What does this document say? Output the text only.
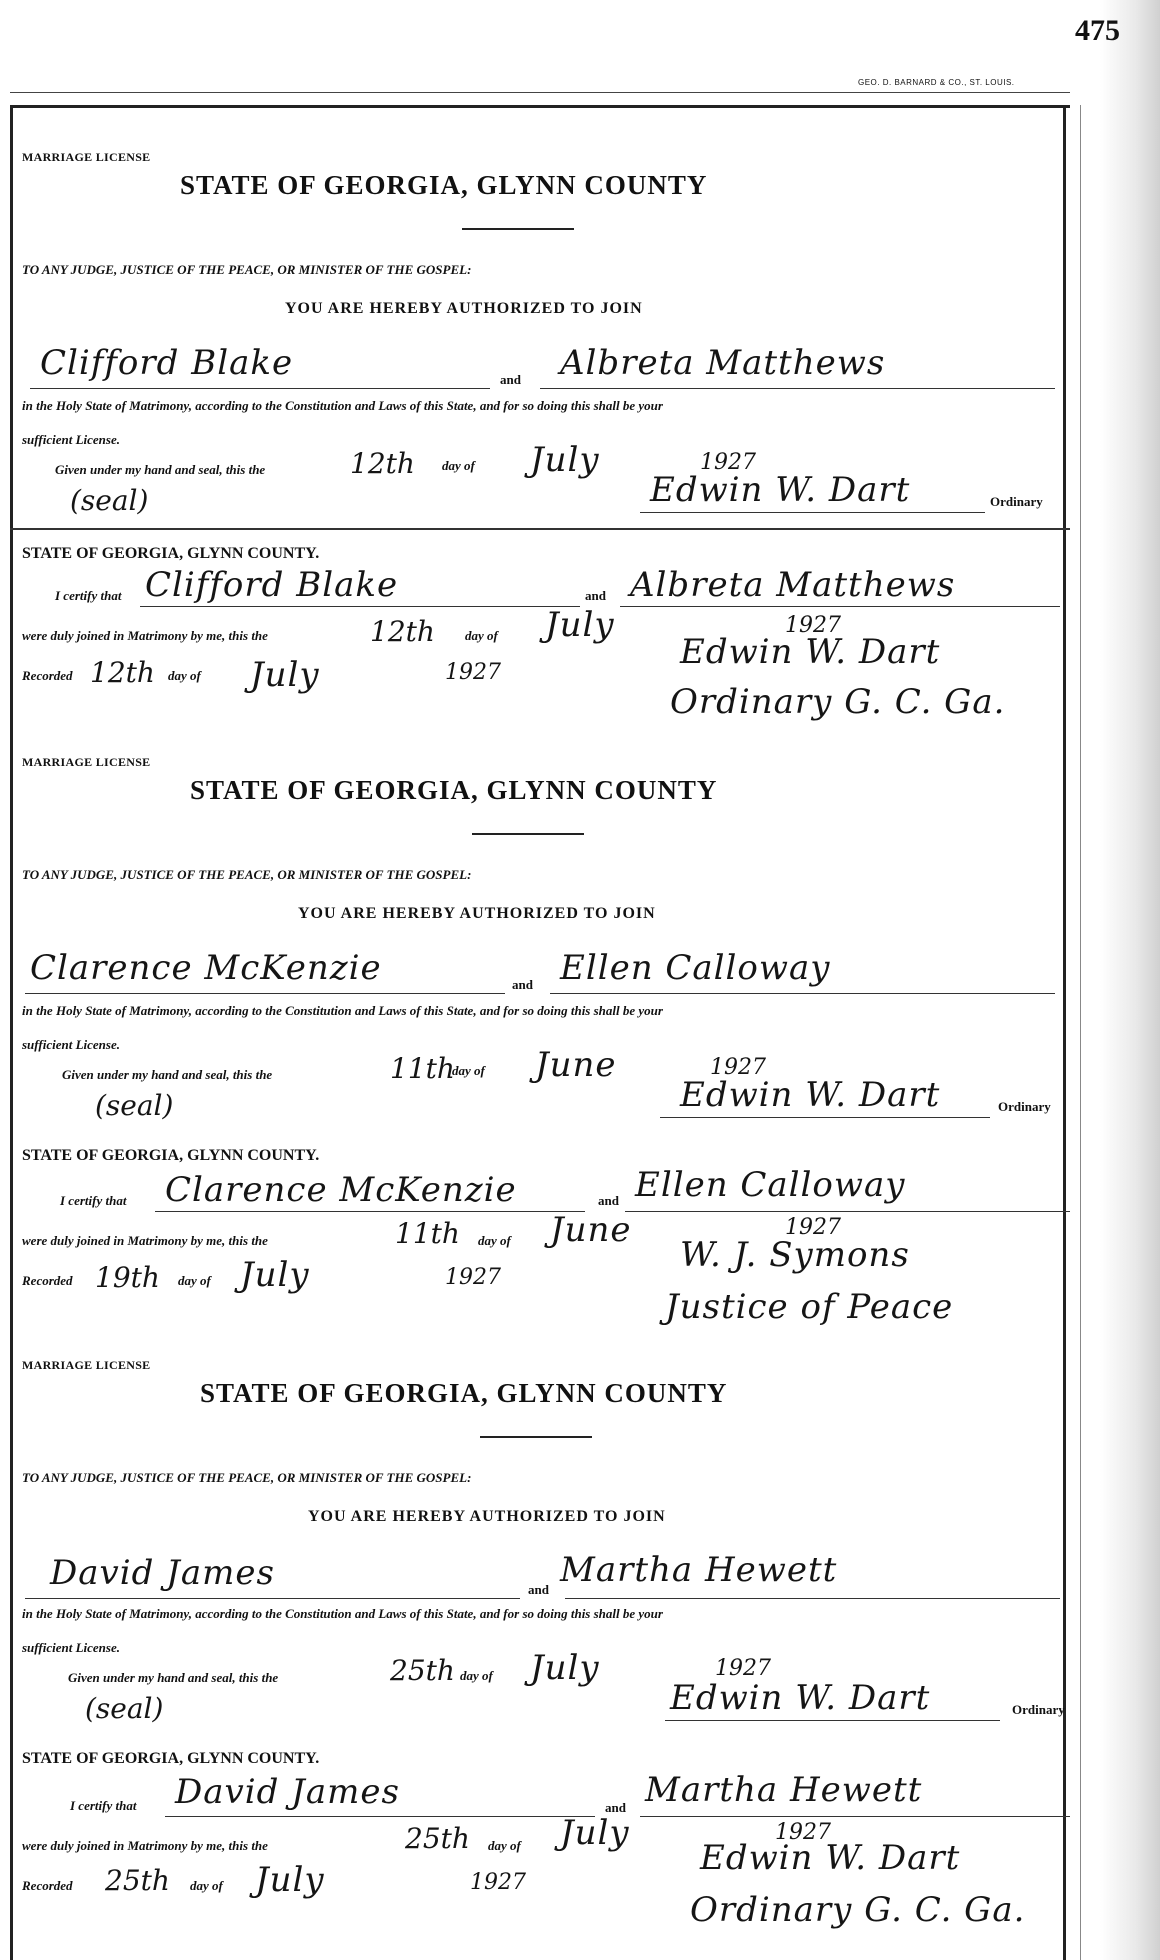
475
GEO. D. BARNARD & CO., ST. LOUIS.
MARRIAGE LICENSE
STATE OF GEORGIA, GLYNN COUNTY
TO ANY JUDGE, JUSTICE OF THE PEACE, OR MINISTER OF THE GOSPEL:
YOU ARE HEREBY AUTHORIZED TO JOIN
Clifford Blake	and Albreta Matthews
in the Holy State of Matrimony, according to the Constitution and Laws of this State, and for so doing this shall be your
sufficient License.
Given under my hand and seal, this the	12th day of July	1927
(seal)	Edwin W. Dart	Ordinary
STATE OF GEORGIA, GLYNN COUNTY.
I certify that Clifford Blake	and Albreta Matthews
were duly joined in Matrimony by me, this the	12th day of July	1927
Recorded 12th day of July	1927
Edwin W. Dart
Ordinary G. C. Ga.
MARRIAGE LICENSE
STATE OF GEORGIA, GLYNN COUNTY
TO ANY JUDGE, JUSTICE OF THE PEACE, OR MINISTER OF THE GOSPEL:
YOU ARE HEREBY AUTHORIZED TO JOIN
Clarence McKenzie	and Ellen Calloway
in the Holy State of Matrimony, according to the Constitution and Laws of this State, and for so doing this shall be your
sufficient License.
Given under my hand and seal, this the	11th
day of June	1927
(seal)	Edwin W. Dart	Ordinary
STATE OF GEORGIA, GLYNN COUNTY.
I certify that Clarence McKenzie	and Ellen Calloway
were duly joined in Matrimony by me, this the	11th day of June	1927
Recorded 19th day of July	1927
W. J. Symons
Justice of Peace
MARRIAGE LICENSE
STATE OF GEORGIA, GLYNN COUNTY
TO ANY JUDGE, JUSTICE OF THE PEACE, OR MINISTER OF THE GOSPEL:
YOU ARE HEREBY AUTHORIZED TO JOIN
David James	and Martha Hewett
in the Holy State of Matrimony, according to the Constitution and Laws of this State, and for so doing this shall be your
sufficient License.
Given under my hand and seal, this the	25th day of July	1927
(seal)	Edwin W. Dart	Ordinary
STATE OF GEORGIA, GLYNN COUNTY.
I certify that David James	and Martha Hewett
were duly joined in Matrimony by me, this the	25th day of July	1927
Recorded 25th day of July	1927
Edwin W. Dart
Ordinary G. C. Ga.
